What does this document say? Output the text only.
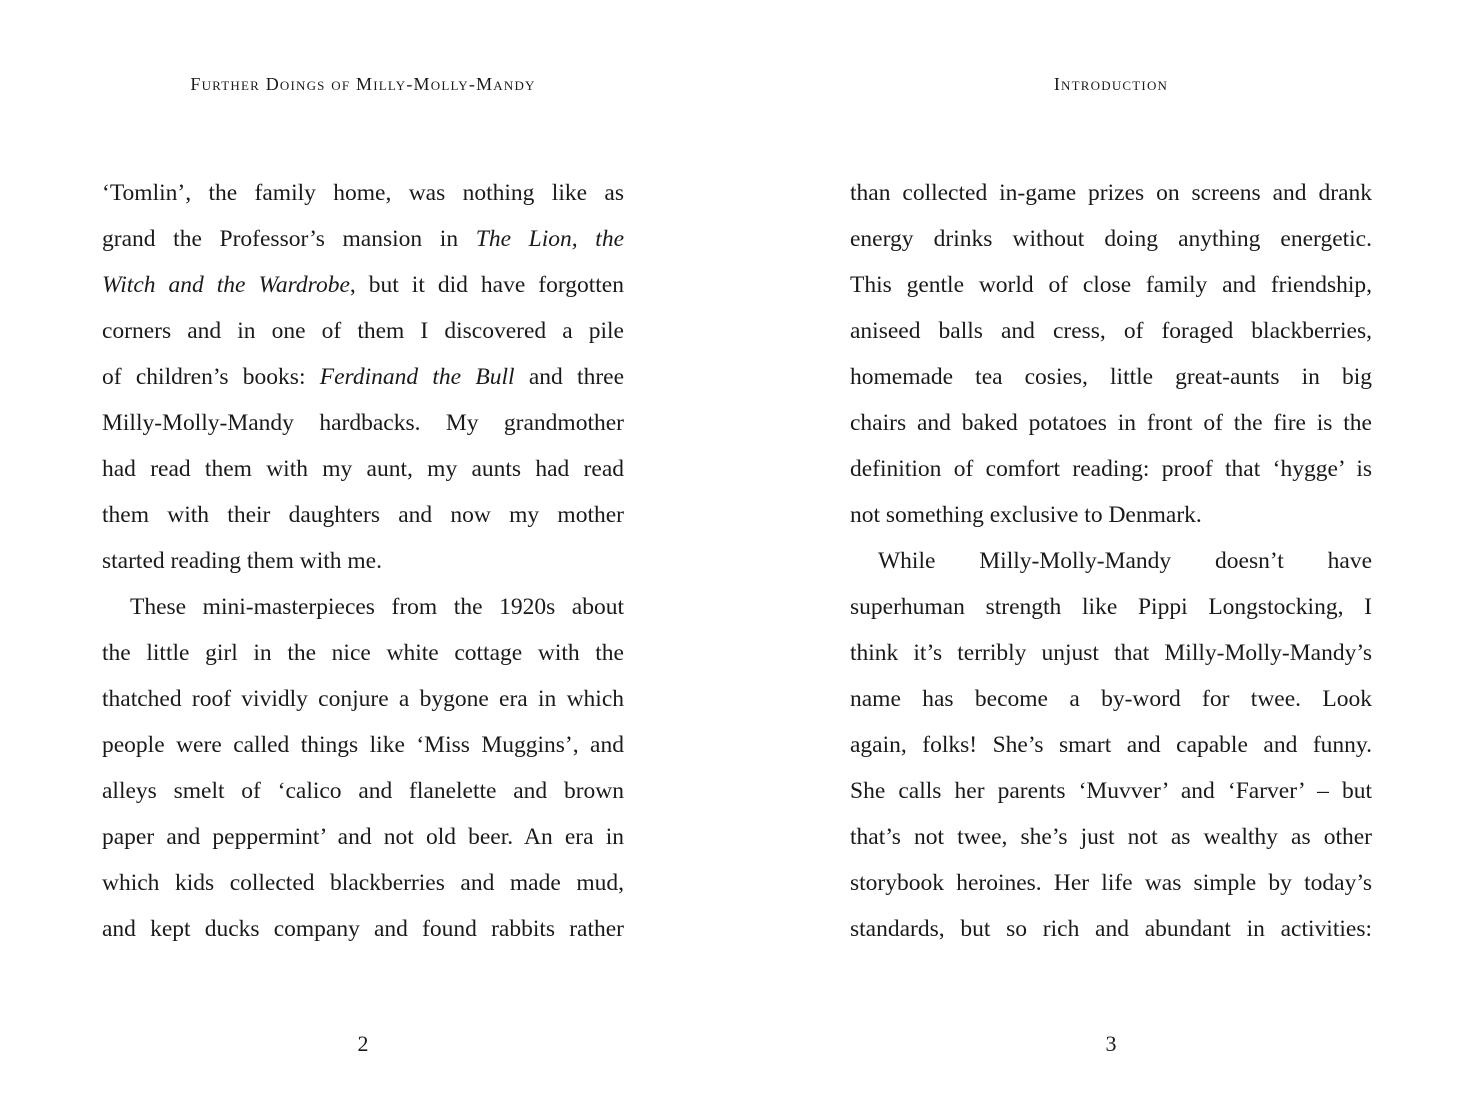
Further Doings of Milly-Molly-Mandy
‘Tomlin’, the family home, was nothing like as
grand the Professor’s mansion in The Lion, the
Witch and the Wardrobe, but it did have forgotten
corners and in one of them I discovered a pile
of children’s books: Ferdinand the Bull and three
Milly-Molly-Mandy hardbacks. My grandmother
had read them with my aunt, my aunts had read
them with their daughters and now my mother
started reading them with me.
These mini-masterpieces from the 1920s about
the little girl in the nice white cottage with the
thatched roof vividly conjure a bygone era in which
people were called things like ‘Miss Muggins’, and
alleys smelt of ‘calico and flanelette and brown
paper and peppermint’ and not old beer. An era in
which kids collected blackberries and made mud,
and kept ducks company and found rabbits rather
2
Introduction
than collected in-game prizes on screens and drank
energy drinks without doing anything energetic.
This gentle world of close family and friendship,
aniseed balls and cress, of foraged blackberries,
homemade tea cosies, little great-aunts in big
chairs and baked potatoes in front of the fire is the
definition of comfort reading: proof that ‘hygge’ is
not something exclusive to Denmark.
While Milly-Molly-Mandy doesn’t have
superhuman strength like Pippi Longstocking, I
think it’s terribly unjust that Milly-Molly-Mandy’s
name has become a by-word for twee. Look
again, folks! She’s smart and capable and funny.
She calls her parents ‘Muvver’ and ‘Farver’ – but
that’s not twee, she’s just not as wealthy as other
storybook heroines. Her life was simple by today’s
standards, but so rich and abundant in activities:
3
